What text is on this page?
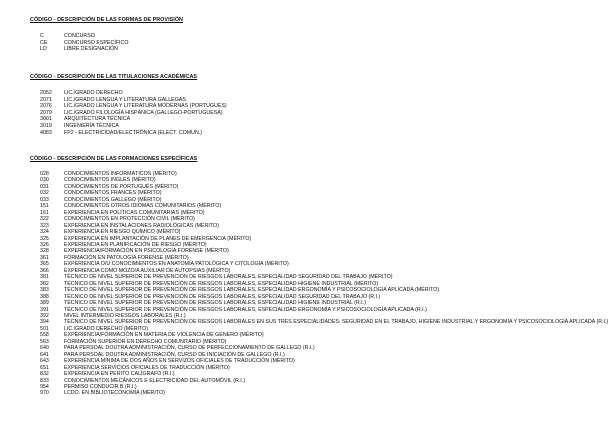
CÓDIGO - DESCRIPCIÓN DE LAS FORMAS DE PROVISIÓN
C	CONCURSO
CE	CONCURSO ESPECÍFICO
LD	LIBRE DESIGNACIÓN
CÓDIGO - DESCRIPCIÓN DE LAS TITULACIONES ACADÉMICAS
2052	LIC./GRADO DERECHO
2071	LIC./GRADO LENGUA Y LITERATURA GALLEGAS
2076	LIC./GRADO LENGUA Y LITERATURA MODERNAS (PORTUGUÉS)
2079	LIC./GRADO FILOLOGÍA HISPÁNICA (GALLEGO-PORTUGUESA)
3001	ARQUITECTURA TÉCNICA
3019	INGENIERÍA TÉCNICA
4083	FP2 - ELECTRICIDAD/ELECTRÓNICA (ELECT. COMUN.)
CÓDIGO - DESCRIPCIÓN DE LAS FORMACIONES ESPECÍFICAS
028	CONOCIMIENTOS INFORMÁTICOS (MÉRITO)
030	CONOCIMIENTOS INGLÉS (MÉRITO)
031	CONOCIMIENTOS DE PORTUGUÉS (MÉRITO)
032	CONOCIMIENTOS FRANCÉS (MÉRITO)
033	CONOCIMIENTOS GALLEGO (MÉRITO)
151	CONOCIMIENTOS OTROS IDIOMAS COMUNITARIOS (MÉRITO)
161	EXPERIENCIA EN POLÍTICAS COMUNITARIAS (MÉRITO)
322	CONOCIMIENTOS EN PROTECCIÓN CIVIL (MÉRITO)
323	EXPERIENCIA EN INSTALACIONES RADIOLÓGICAS (MÉRITO)
324	EXPERIENCIA EN RIESGO QUÍMICO (MÉRITO)
325	EXPERIENCIA EN IMPLANTACIÓN DE PLANES DE EMERGENCIA (MÉRITO)
326	EXPERIENCIA EN PLANIFICACIÓN DE RIESGO (MÉRITO)
328	EXPERIENCIA/FORMACIÓN EN PSICOLOGÍA FORENSE (MÉRITO)
361	FORMACIÓN EN PATOLOGÍA FORENSE (MÉRITO)
365	EXPERIENCIA O/U CONOCIMIENTOS EN ANATOMÍA PATOLÓGICA Y CITOLOGÍA (MÉRITO)
366	EXPERIENCIA COMO MOZO/A AUXILIAR DE AUTOPSIAS (MÉRITO)
381	TÉCNICO DE NIVEL SUPERIOR DE PREVENCIÓN DE RIESGOS LABORALES, ESPECIALIDAD SEGURIDAD DEL TRABAJO (MÉRITO)
382	TÉCNICO DE NIVEL SUPERIOR DE PREVENCIÓN DE RIESGOS LABORALES, ESPECIALIDAD HIGIENE INDUSTRIAL (MÉRITO)
383	TÉCNICO DE NIVEL SUPERIOR DE PREVENCIÓN DE RIESGOS LABORALES, ESPECIALIDAD ERGONOMÍA Y PSICOSOCIOLOGÍA APLICADA (MÉRITO)
388	TÉCNICO DE NIVEL SUPERIOR DE PREVENCIÓN DE RIESGOS LABORALES, ESPECIALIDAD SEGURIDAD DEL TRABAJO (R.I.)
389	TÉCNICO DE NIVEL SUPERIOR DE PREVENCIÓN DE RIESGOS LABORALES, ESPECIALIDAD HIGIENE INDUSTRIAL (R.I.)
391	TÉCNICO DE NIVEL SUPERIOR DE PREVENCIÓN DE RIESGOS LABORALES, ESPECIALIDAD ERGONOMÍA Y PSICOSOCIOLOGÍA APLICADA (R.I.)
392	NIVEL INTERMEDIO RIESGOS LABORALES (R.I.)
394	TÉCNICO DE NIVEL SUPERIOR DE PREVENCIÓN DE RIESGOS LABORALES EN SUS TRES ESPECIALIDADES: SEGURIDAD EN EL TRABAJO, HIGIENE INDUSTRIAL Y ERGONOMÍA Y PSICOSOCIOLOGÍA APLICADA (R.I.)
501	LIC./GRADO DERECHO (MÉRITO)
558	EXPERIENCIA/FORMACIÓN EN MATERIA DE VIOLENCIA DE GÉNERO (MÉRITO)
563	FORMACIÓN SUPERIOR EN DERECHO COMUNITARIO (MÉRITO)
640	PARA PERSOAL DOUTRA ADMINISTRACIÓN, CURSO DE PERFECCIONAMIENTO DE GALLEGO (R.I.)
641	PARA PERSOAL DOUTRA ADMINISTRACIÓN, CURSO DE INICIACIÓN DE GALLEGO (R.I.)
643	EXPERIENCIA MÍNIMA DE DOS AÑOS EN SERVIZOS OFICIALES DE TRADUCCIÓN (MÉRITO)
651	EXPERIENCIA SERVICIOS OFICIALES DE TRADUCCIÓN (MÉRITO)
832	EXPERIENCIA EN PERITO CALÍGRAFO (R.I.)
833	CONOCIMIENTOS MECÁNICOS E ELECTRICIDAD DEL AUTOMÓVIL (R.I.)
954	PERMISO CONDUCIR B (R.I.)
970	LCDO. EN BIBLIOTECONOMÍA (MÉRITO)
